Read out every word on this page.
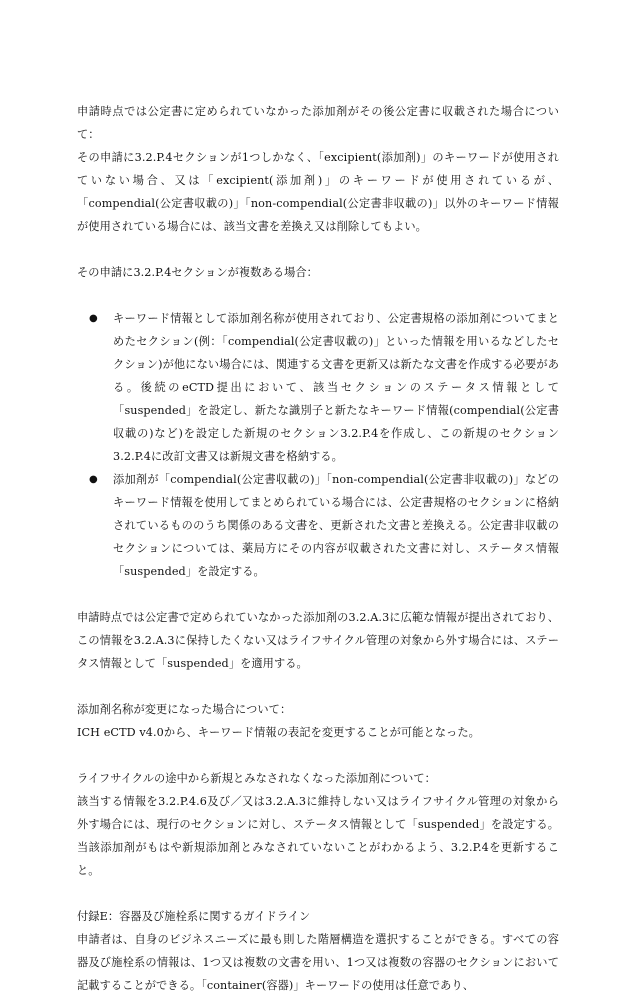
申請時点では公定書に定められていなかった添加剤がその後公定書に収載された場合について：

その申請に3.2.P.4セクションが1つしかなく、「excipient(添加剤)」のキーワードが使用されていない場合、又は「excipient(添加剤)」のキーワードが使用されているが、「compendial(公定書収載の)」「non-compendial(公定書非収載の)」以外のキーワード情報が使用されている場合には、該当文書を差換え又は削除してもよい。

その申請に3.2.P.4セクションが複数ある場合：

● キーワード情報として添加剤名称が使用されており、公定書規格の添加剤についてまとめたセクション(例：「compendial(公定書収載の)」といった情報を用いるなどしたセクション)が他にない場合には、関連する文書を更新又は新たな文書を作成する必要がある。後続のeCTD提出において、該当セクションのステータス情報として「suspended」を設定し、新たな識別子と新たなキーワード情報(compendial(公定書収載の)など)を設定した新規のセクション3.2.P.4を作成し、この新規のセクション3.2.P.4に改訂文書又は新規文書を格納する。
● 添加剤が「compendial(公定書収載の)」「non-compendial(公定書非収載の)」などのキーワード情報を使用してまとめられている場合には、公定書規格のセクションに格納されているもののうち関係のある文書を、更新された文書と差換える。公定書非収載のセクションについては、薬局方にその内容が収載された文書に対し、ステータス情報「suspended」を設定する。

申請時点では公定書で定められていなかった添加剤の3.2.A.3に広範な情報が提出されており、この情報を3.2.A.3に保持したくない又はライフサイクル管理の対象から外す場合には、ステータス情報として「suspended」を適用する。

添加剤名称が変更になった場合について：

ICH eCTD v4.0から、キーワード情報の表記を変更することが可能となった。

ライフサイクルの途中から新規とみなされなくなった添加剤について：

該当する情報を3.2.P.4.6及び／又は3.2.A.3に維持しない又はライフサイクル管理の対象から外す場合には、現行のセクションに対し、ステータス情報として「suspended」を設定する。当該添加剤がもはや新規添加剤とみなされていないことがわかるよう、3.2.P.4を更新すること。

付録E：容器及び施栓系に関するガイドライン

申請者は、自身のビジネスニーズに最も則した階層構造を選択することができる。すべての容器及び施栓系の情報は、1つ又は複数の文書を用い、1つ又は複数の容器のセクションにおいて記載することができる。「container(容器)」キーワードの使用は任意であり、
